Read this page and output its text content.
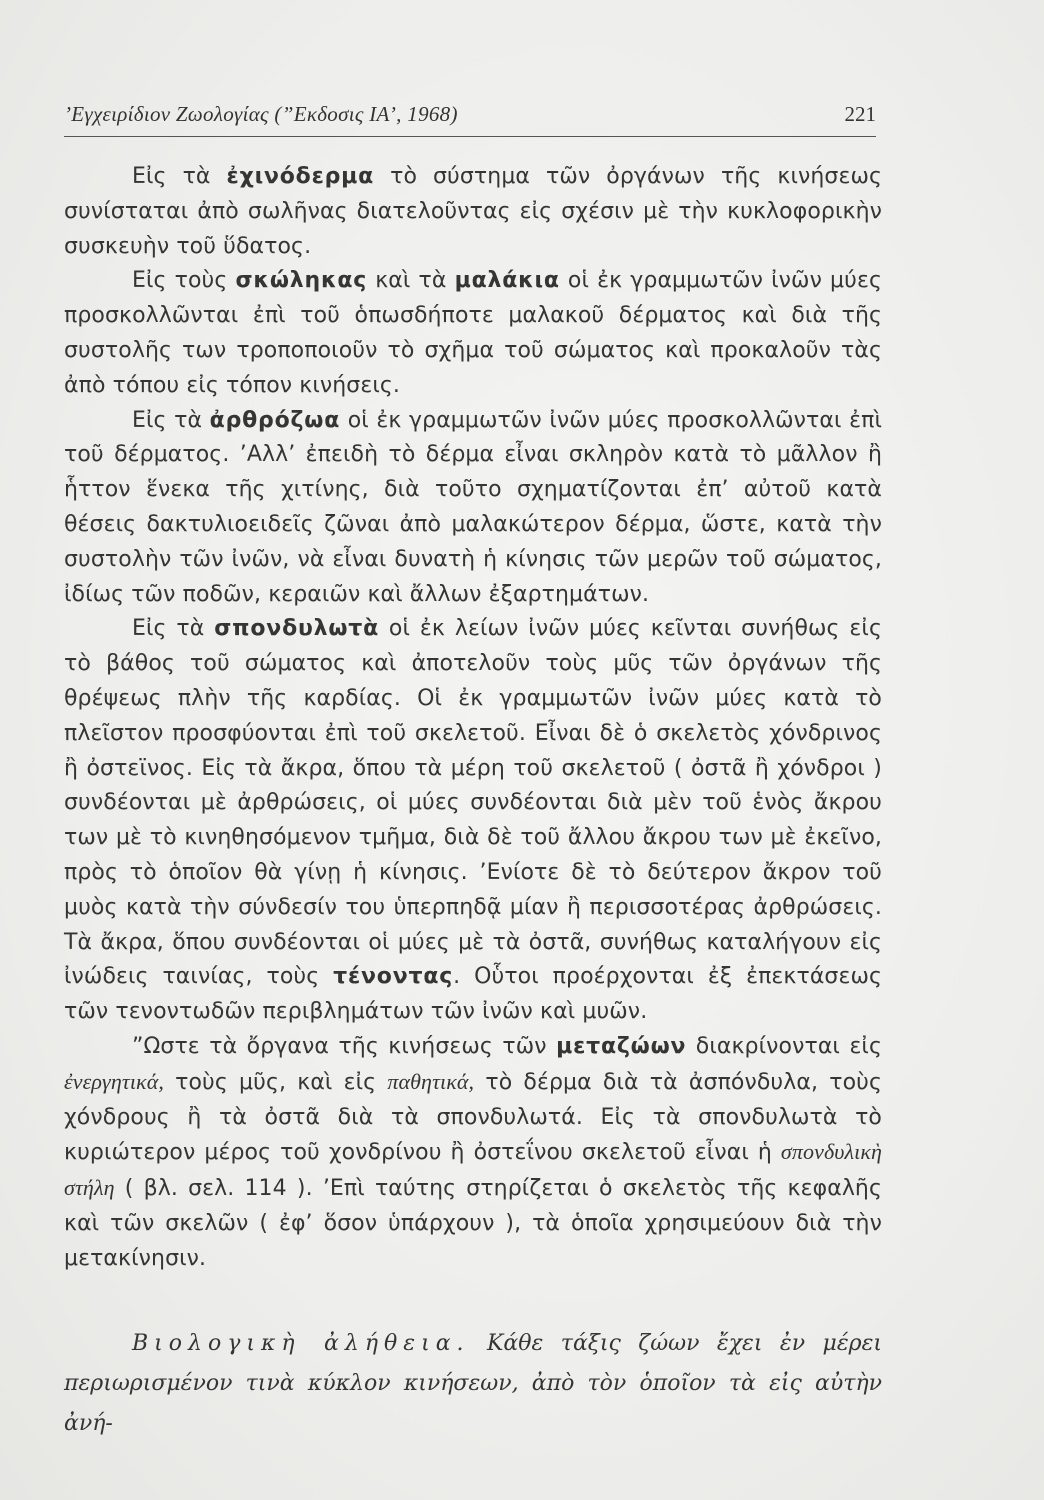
’Εγχειρίδιον Ζωολογίας (”Εκδοσις ΙΑ’, 1968)	221

Εἰς τὰ ἐχινόδερμα τὸ σύστημα τῶν ὀργάνων τῆς κινήσεως συνίσταται ἀπὸ σωλῆνας διατελοῦντας εἰς σχέσιν μὲ τὴν κυκλοφορικὴν συσκευὴν τοῦ ὕδατος.

Εἰς τοὺς σκώληκας καὶ τὰ μαλάκια οἱ ἐκ γραμμωτῶν ἰνῶν μύες προσκολλῶνται ἐπὶ τοῦ ὁπωσδήποτε μαλακοῦ δέρματος καὶ διὰ τῆς συστολῆς των τροποποιοῦν τὸ σχῆμα τοῦ σώματος καὶ προκαλοῦν τὰς ἀπὸ τόπου εἰς τόπον κινήσεις.

Εἰς τὰ ἀρθρόζωα οἱ ἐκ γραμμωτῶν ἰνῶν μύες προσκολλῶνται ἐπὶ τοῦ δέρματος. ’Αλλ’ ἐπειδὴ τὸ δέρμα εἶναι σκληρὸν κατὰ τὸ μᾶλλον ἢ ἧττον ἕνεκα τῆς χιτίνης, διὰ τοῦτο σχηματίζονται ἐπ’ αὐτοῦ κατὰ θέσεις δακτυλιοειδεῖς ζῶναι ἀπὸ μαλακώτερον δέρμα, ὥστε, κατὰ τὴν συστολὴν τῶν ἰνῶν, νὰ εἶναι δυνατὴ ἡ κίνησις τῶν μερῶν τοῦ σώματος, ἰδίως τῶν ποδῶν, κεραιῶν καὶ ἄλλων ἐξαρτημάτων.

Εἰς τὰ σπονδυλωτὰ οἱ ἐκ λείων ἰνῶν μύες κεῖνται συνήθως εἰς τὸ βάθος τοῦ σώματος καὶ ἀποτελοῦν τοὺς μῦς τῶν ὀργάνων τῆς θρέψεως πλὴν τῆς καρδίας. Οἱ ἐκ γραμμωτῶν ἰνῶν μύες κατὰ τὸ πλεῖστον προσφύονται ἐπὶ τοῦ σκελετοῦ. Εἶναι δὲ ὁ σκελετὸς χόνδρινος ἢ ὀστεϊνος. Εἰς τὰ ἄκρα, ὅπου τὰ μέρη τοῦ σκελετοῦ ( ὀστᾶ ἢ χόνδροι ) συνδέονται μὲ ἀρθρώσεις, οἱ μύες συνδέονται διὰ μὲν τοῦ ἑνὸς ἄκρου των μὲ τὸ κινηθησόμενον τμῆμα, διὰ δὲ τοῦ ἄλλου ἄκρου των μὲ ἐκεῖνο, πρὸς τὸ ὁποῖον θὰ γίνῃ ἡ κίνησις. ’Ενίοτε δὲ τὸ δεύτερον ἄκρον τοῦ μυὸς κατὰ τὴν σύνδεσίν του ὑπερπηδᾷ μίαν ἢ περισσοτέρας ἀρθρώσεις. Τὰ ἄκρα, ὅπου συνδέονται οἱ μύες μὲ τὰ ὀστᾶ, συνήθως καταλήγουν εἰς ἰνώδεις ταινίας, τοὺς τένοντας. Οὗτοι προέρχονται ἐξ ἐπεκτάσεως τῶν τενοντωδῶν περιβλημάτων τῶν ἰνῶν καὶ μυῶν.

”Ωστε τὰ ὄργανα τῆς κινήσεως τῶν μεταζώων διακρίνονται εἰς ἐνεργητικά, τοὺς μῦς, καὶ εἰς παθητικά, τὸ δέρμα διὰ τὰ ἀσπόνδυλα, τοὺς χόνδρους ἢ τὰ ὀστᾶ διὰ τὰ σπονδυλωτά. Εἰς τὰ σπονδυλωτὰ τὸ κυριώτερον μέρος τοῦ χονδρίνου ἢ ὀστεΐνου σκελετοῦ εἶναι ἡ σπονδυλικὴ στήλη ( βλ. σελ. 114 ). ’Επὶ ταύτης στηρίζεται ὁ σκελετὸς τῆς κεφαλῆς καὶ τῶν σκελῶν ( ἐφ’ ὅσον ὑπάρχουν ), τὰ ὁποῖα χρησιμεύουν διὰ τὴν μετακίνησιν.

Βιολογικὴ ἀλήθεια. Κάθε τάξις ζώων ἔχει ἐν μέρει περιωρισμένον τινὰ κύκλον κινήσεων, ἀπὸ τὸν ὁποῖον τὰ εἰς αὐτὴν ἀνή-
